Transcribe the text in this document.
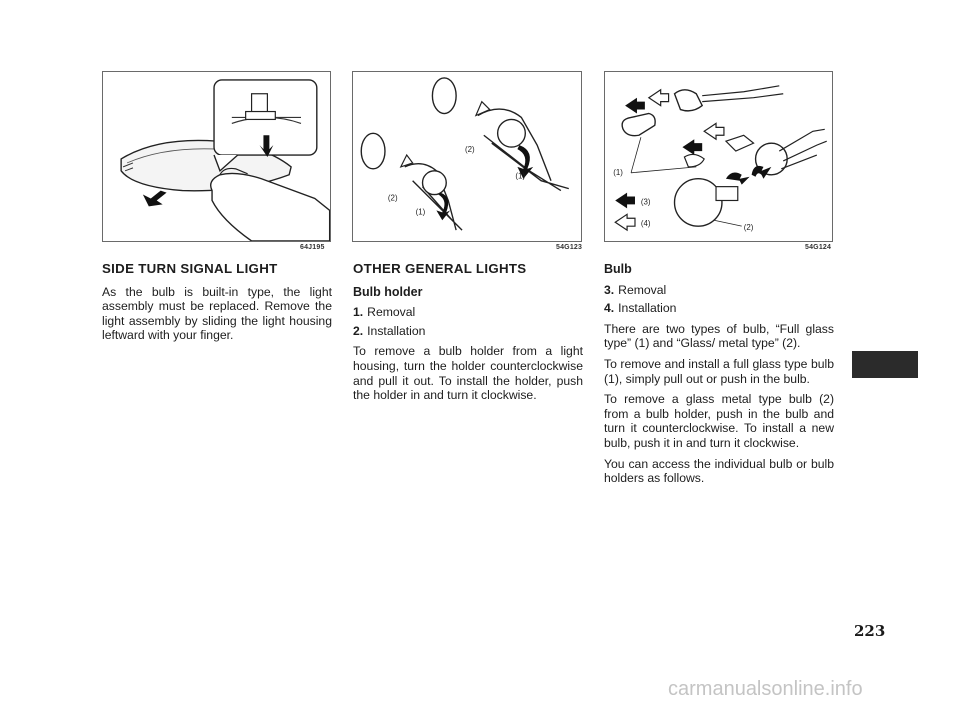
64J195
(2)
(1)
(2)
(1)
54G123
(1)
(3)
(4)	(2)
54G124
SIDE TURN SIGNAL LIGHT

As the bulb is built-in type, the light assembly must be replaced. Remove the light assembly by sliding the light housing leftward with your finger.

OTHER GENERAL LIGHTS
Bulb holder
1. Removal
2. Installation

To remove a bulb holder from a light housing, turn the holder counterclockwise and pull it out. To install the holder, push the holder in and turn it clockwise.

Bulb
3. Removal
4. Installation

There are two types of bulb, “Full glass type” (1) and “Glass/ metal type” (2).

To remove and install a full glass type bulb (1), simply pull out or push in the bulb.

To remove a glass metal type bulb (2) from a bulb holder, push in the bulb and turn it counterclockwise. To install a new bulb, push it in and turn it clockwise.

You can access the individual bulb or bulb holders as follows.

223
carmanualsonline.info
